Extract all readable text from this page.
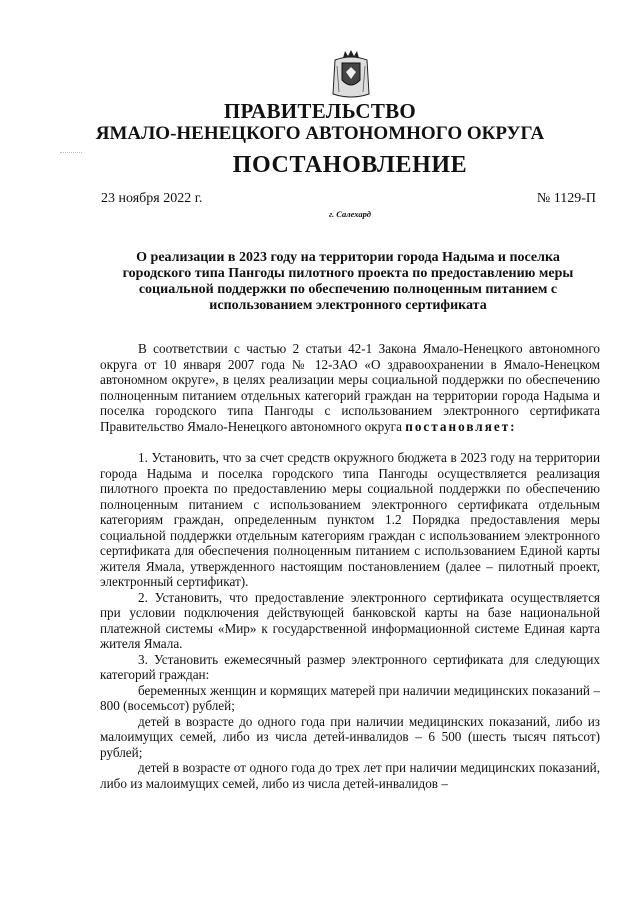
ПРАВИТЕЛЬСТВО
ЯМАЛО-НЕНЕЦКОГО АВТОНОМНОГО ОКРУГА
ПОСТАНОВЛЕНИЕ
23 ноября 2022 г.	№ 1129-П
г. Салехард
О реализации в 2023 году на территории города Надыма и поселка городского типа Пангоды пилотного проекта по предоставлению меры социальной поддержки по обеспечению полноценным питанием с использованием электронного сертификата

В соответствии с частью 2 статьи 42-1 Закона Ямало-Ненецкого автономного округа от 10 января 2007 года № 12-ЗАО «О здравоохранении в Ямало-Ненецком автономном округе», в целях реализации меры социальной поддержки по обеспечению полноценным питанием отдельных категорий граждан на территории города Надыма и поселка городского типа Пангоды с использованием электронного сертификата Правительство Ямало-Ненецкого автономного округа постановляет:

1. Установить, что за счет средств окружного бюджета в 2023 году на территории города Надыма и поселка городского типа Пангоды осуществляется реализация пилотного проекта по предоставлению меры социальной поддержки по обеспечению полноценным питанием с использованием электронного сертификата отдельным категориям граждан, определенным пунктом 1.2 Порядка предоставления меры социальной поддержки отдельным категориям граждан с использованием электронного сертификата для обеспечения полноценным питанием с использованием Единой карты жителя Ямала, утвержденного настоящим постановлением (далее – пилотный проект, электронный сертификат).

2. Установить, что предоставление электронного сертификата осуществляется при условии подключения действующей банковской карты на базе национальной платежной системы «Мир» к государственной информационной системе Единая карта жителя Ямала.

3. Установить ежемесячный размер электронного сертификата для следующих категорий граждан:

беременных женщин и кормящих матерей при наличии медицинских показаний – 800 (восемьсот) рублей;

детей в возрасте до одного года при наличии медицинских показаний, либо из малоимущих семей, либо из числа детей-инвалидов – 6 500 (шесть тысяч пятьсот) рублей;

детей в возрасте от одного года до трех лет при наличии медицинских показаний, либо из малоимущих семей, либо из числа детей-инвалидов –
